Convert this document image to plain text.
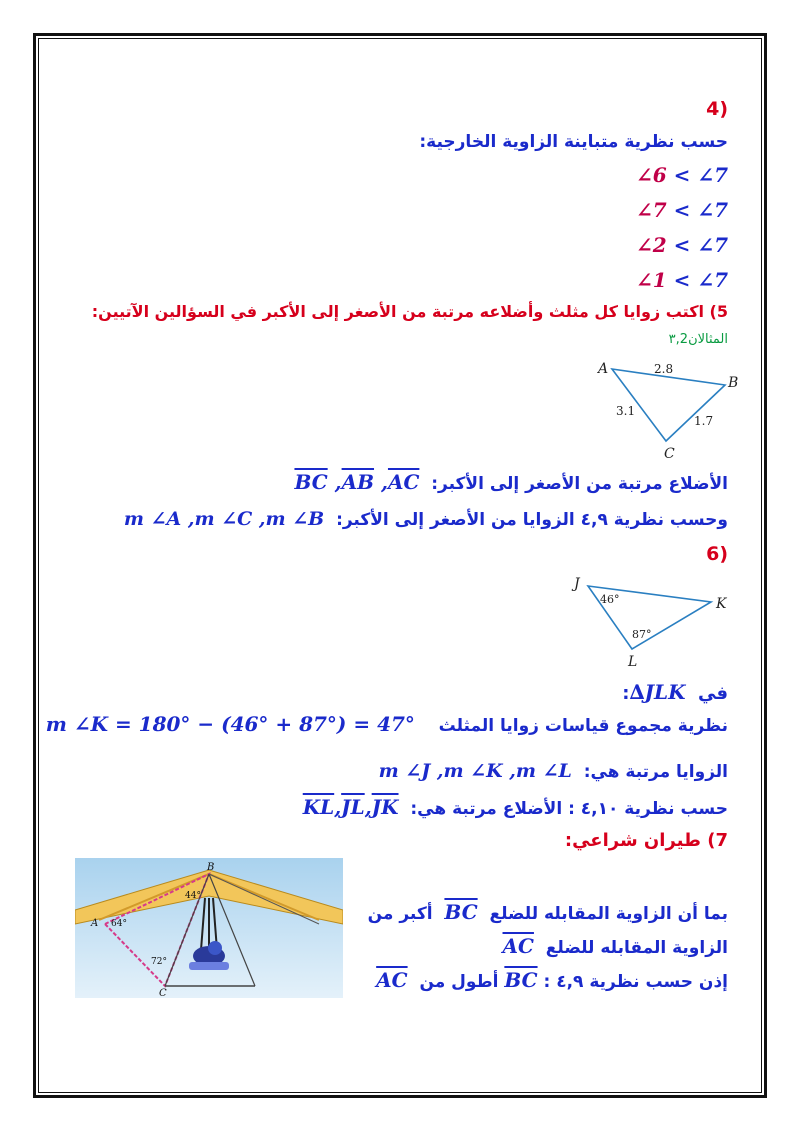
(4
حسب نظرية متباينة الزاوية الخارجية:
∠6 < ∠7
∠7 < ∠7
∠2 < ∠7
∠1 < ∠7
5) اكتب زوايا كل مثلث وأضلاعه مرتبة من الأصغر إلى الأكبر في السؤالين الآتيين:
المثالان٣,2
A
B
C
2.8
1.7
3.1
الأضلاع مرتبة من الأصغر إلى الأكبر:  $\overline{BC}$ $,\overline{AB}$ $,\overline{AC}$
وحسب نظرية ٤,٩ الزوايا من الأصغر إلى الأكبر:  m ∠A ,m ∠C ,m ∠B
(6
J
K
L
46°
87°
في  ∆JLK:
نظرية مجموع قياسات زوايا المثلث    m ∠K = 180° − (46° + 87°) = 47°
الزوايا مرتبة هي:  m ∠J ,m ∠K ,m ∠L
حسب نظرية ٤,١٠ : الأضلاع مرتبة هي:  $\overline{KL},\overline{JL},\overline{JK}$
7) طيران شراعي:
B
A
C
44°
64°
72°
بما أن الزاوية المقابله للضلع  $\overline{BC}$  أكبر من
الزاوية المقابله للضلع  $\overline{AC}$
إذن حسب نظرية ٤,٩ : $\overline{BC}$ أطول من  $\overline{AC}$
